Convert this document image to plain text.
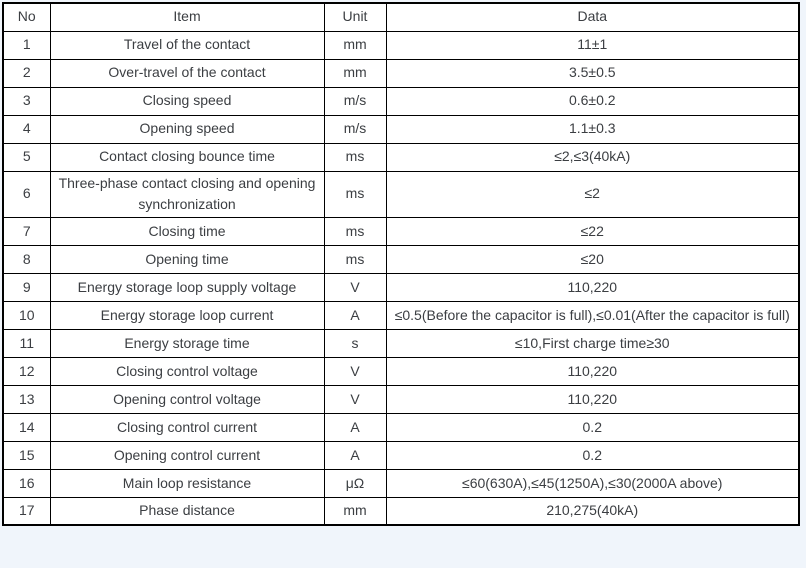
No	Item	Unit	Data
1	Travel of the contact	mm	11±1
2	Over-travel of the contact	mm	3.5±0.5
3	Closing speed	m/s	0.6±0.2
4	Opening speed	m/s	1.1±0.3
5	Contact closing bounce time	ms	≤2,≤3(40kA)
6	Three-phase contact closing and opening synchronization	ms	≤2
7	Closing time	ms	≤22
8	Opening time	ms	≤20
9	Energy storage loop supply voltage	V	110,220
10	Energy storage loop current	A	≤0.5(Before the capacitor is full),≤0.01(After the capacitor is full)
11	Energy storage time	s	≤10,First charge time≥30
12	Closing control voltage	V	110,220
13	Opening control voltage	V	110,220
14	Closing control current	A	0.2
15	Opening control current	A	0.2
16	Main loop resistance	μΩ	≤60(630A),≤45(1250A),≤30(2000A above)
17	Phase distance	mm	210,275(40kA)
